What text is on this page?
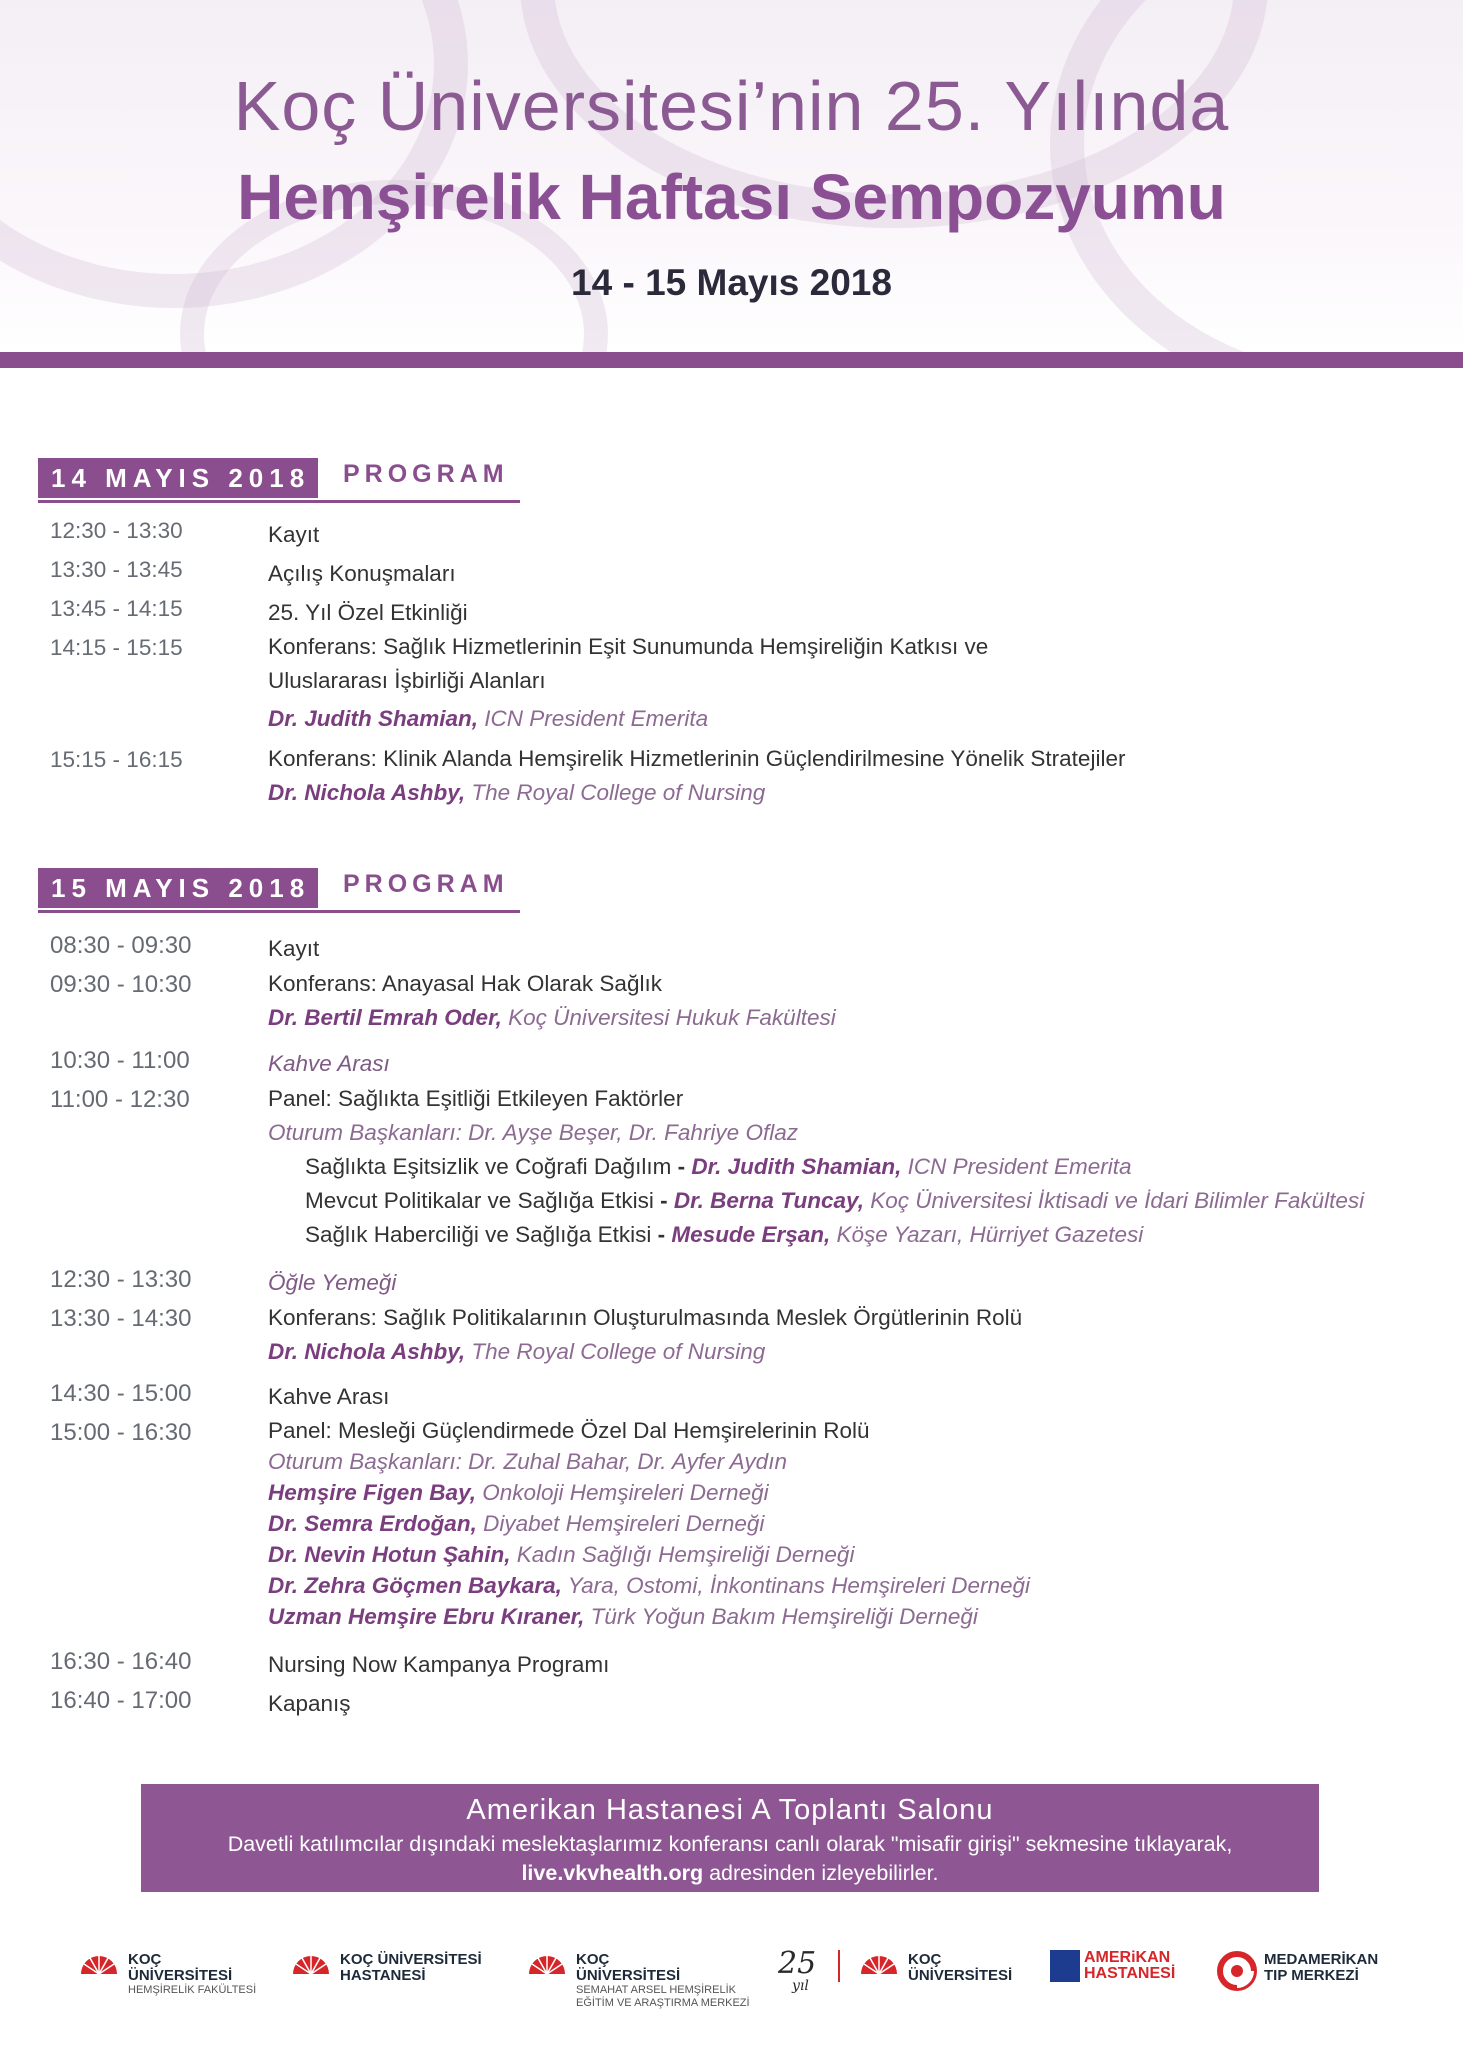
Koç Üniversitesi’nin 25. Yılında
Hemşirelik Haftası Sempozyumu
14 - 15 Mayıs 2018
14 MAYIS 2018	PROGRAM
12:30 - 13:30	Kayıt
13:30 - 13:45	Açılış Konuşmaları
13:45 - 14:15	25. Yıl Özel Etkinliği
14:15 - 15:15	Konferans: Sağlık Hizmetlerinin Eşit Sunumunda Hemşireliğin Katkısı ve
Uluslararası İşbirliği Alanları
Dr. Judith Shamian, ICN President Emerita
15:15 - 16:15	Konferans: Klinik Alanda Hemşirelik Hizmetlerinin Güçlendirilmesine Yönelik Stratejiler
Dr. Nichola Ashby, The Royal College of Nursing
15 MAYIS 2018	PROGRAM
08:30 - 09:30	Kayıt
09:30 - 10:30	Konferans: Anayasal Hak Olarak Sağlık
Dr. Bertil Emrah Oder, Koç Üniversitesi Hukuk Fakültesi
10:30 - 11:00	Kahve Arası
11:00 - 12:30	Panel: Sağlıkta Eşitliği Etkileyen Faktörler
Oturum Başkanları: Dr. Ayşe Beşer, Dr. Fahriye Oflaz
Sağlıkta Eşitsizlik ve Coğrafi Dağılım - Dr. Judith Shamian, ICN President Emerita
Mevcut Politikalar ve Sağlığa Etkisi - Dr. Berna Tuncay, Koç Üniversitesi İktisadi ve İdari Bilimler Fakültesi
Sağlık Haberciliği ve Sağlığa Etkisi - Mesude Erşan, Köşe Yazarı, Hürriyet Gazetesi
12:30 - 13:30	Öğle Yemeği
13:30 - 14:30	Konferans: Sağlık Politikalarının Oluşturulmasında Meslek Örgütlerinin Rolü
Dr. Nichola Ashby, The Royal College of Nursing
14:30 - 15:00	Kahve Arası
15:00 - 16:30	Panel: Mesleği Güçlendirmede Özel Dal Hemşirelerinin Rolü
Oturum Başkanları: Dr. Zuhal Bahar, Dr. Ayfer Aydın
Hemşire Figen Bay, Onkoloji Hemşireleri Derneği
Dr. Semra Erdoğan, Diyabet Hemşireleri Derneği
Dr. Nevin Hotun Şahin, Kadın Sağlığı Hemşireliği Derneği
Dr. Zehra Göçmen Baykara, Yara, Ostomi, İnkontinans Hemşireleri Derneği
Uzman Hemşire Ebru Kıraner, Türk Yoğun Bakım Hemşireliği Derneği
16:30 - 16:40	Nursing Now Kampanya Programı
16:40 - 17:00	Kapanış
Amerikan Hastanesi A Toplantı Salonu
Davetli katılımcılar dışındaki meslektaşlarımız konferansı canlı olarak "misafir girişi" sekmesine tıklayarak,
live.vkvhealth.org adresinden izleyebilirler.
KOÇ
ÜNİVERSİTESİ
HEMŞİRELİK FAKÜLTESİ
KOÇ ÜNİVERSİTESİ
HASTANESİ
KOÇ
ÜNİVERSİTESİ
SEMAHAT ARSEL HEMŞİRELİK
EĞİTİM VE ARAŞTIRMA MERKEZİ
25
yıl
KOÇ
ÜNİVERSİTESİ
AMERiKAN
HASTANESİ
MEDAMERİKAN
TIP MERKEZİ
